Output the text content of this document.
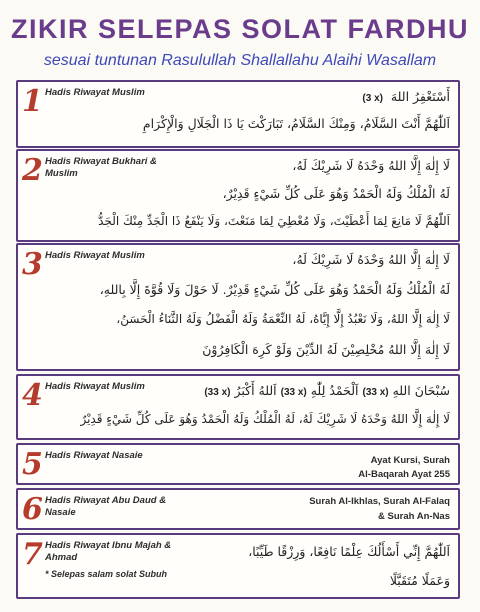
ZIKIR SELEPAS SOLAT FARDHU
sesuai tuntunan Rasulullah Shallallahu Alaihi Wasallam
1 Hadis Riwayat Muslim	أَسْتَغْفِرُ اللهَ  (3 x)
اَللّٰهُمَّ أَنْتَ السَّلَامُ، وَمِنْكَ السَّلَامُ، تَبَارَكْتَ يَا ذَا الْجَلَالِ وَالْإِكْرَامِ
2 Hadis Riwayat Bukhari & Muslim
لَا إِلٰهَ إِلَّا اللهُ وَحْدَهُ لَا شَرِيْكَ لَهُ،
لَهُ الْمُلْكُ وَلَهُ الْحَمْدُ وَهُوَ عَلَى كُلِّ شَيْءٍ قَدِيْرٌ،
اَللّٰهُمَّ لَا مَانِعَ لِمَا أَعْطَيْتَ، وَلَا مُعْطِيَ لِمَا مَنَعْتَ، وَلَا يَنْفَعُ ذَا الْجَدِّ مِنْكَ الْجَدُّ
3 Hadis Riwayat Muslim	لَا إِلٰهَ إِلَّا اللهُ وَحْدَهُ لَا شَرِيْكَ لَهُ،
لَهُ الْمُلْكُ وَلَهُ الْحَمْدُ وَهُوَ عَلَى كُلِّ شَيْءٍ قَدِيْرٌ. لَا حَوْلَ وَلَا قُوَّةَ إِلَّا بِاللهِ،
لَا إِلٰهَ إِلَّا اللهُ، وَلَا نَعْبُدُ إِلَّا إِيَّاهُ، لَهُ النِّعْمَةُ وَلَهُ الْفَضْلُ وَلَهُ الثَّنَاءُ الْحَسَنُ،
لَا إِلٰهَ إِلَّا اللهُ مُخْلِصِيْنَ لَهُ الدِّيْنَ وَلَوْ كَرِهَ الْكَافِرُوْنَ
4 Hadis Riwayat Muslim	سُبْحَانَ اللهِ (33 x) اَلْحَمْدُ لِلّٰهِ (33 x) اَللهُ أَكْبَرُ (33 x)
لَا إِلٰهَ إِلَّا اللهُ وَحْدَهُ لَا شَرِيْكَ لَهُ، لَهُ الْمُلْكُ وَلَهُ الْحَمْدُ وَهُوَ عَلَى كُلِّ شَيْءٍ قَدِيْرٌ
5 Hadis Riwayat Nasaie	Ayat Kursi, Surah
Al-Baqarah Ayat 255
6 Hadis Riwayat Abu Daud & Nasaie
Surah Al-Ikhlas, Surah Al-Falaq
& Surah An-Nas
7 Hadis Riwayat Ibnu Majah & Ahmad
* Selepas salam solat Subuh
اَللّٰهُمَّ إِنِّي أَسْأَلُكَ عِلْمًا نَافِعًا، وَرِزْقًا طَيِّبًا،
وَعَمَلًا مُتَقَبَّلًا
